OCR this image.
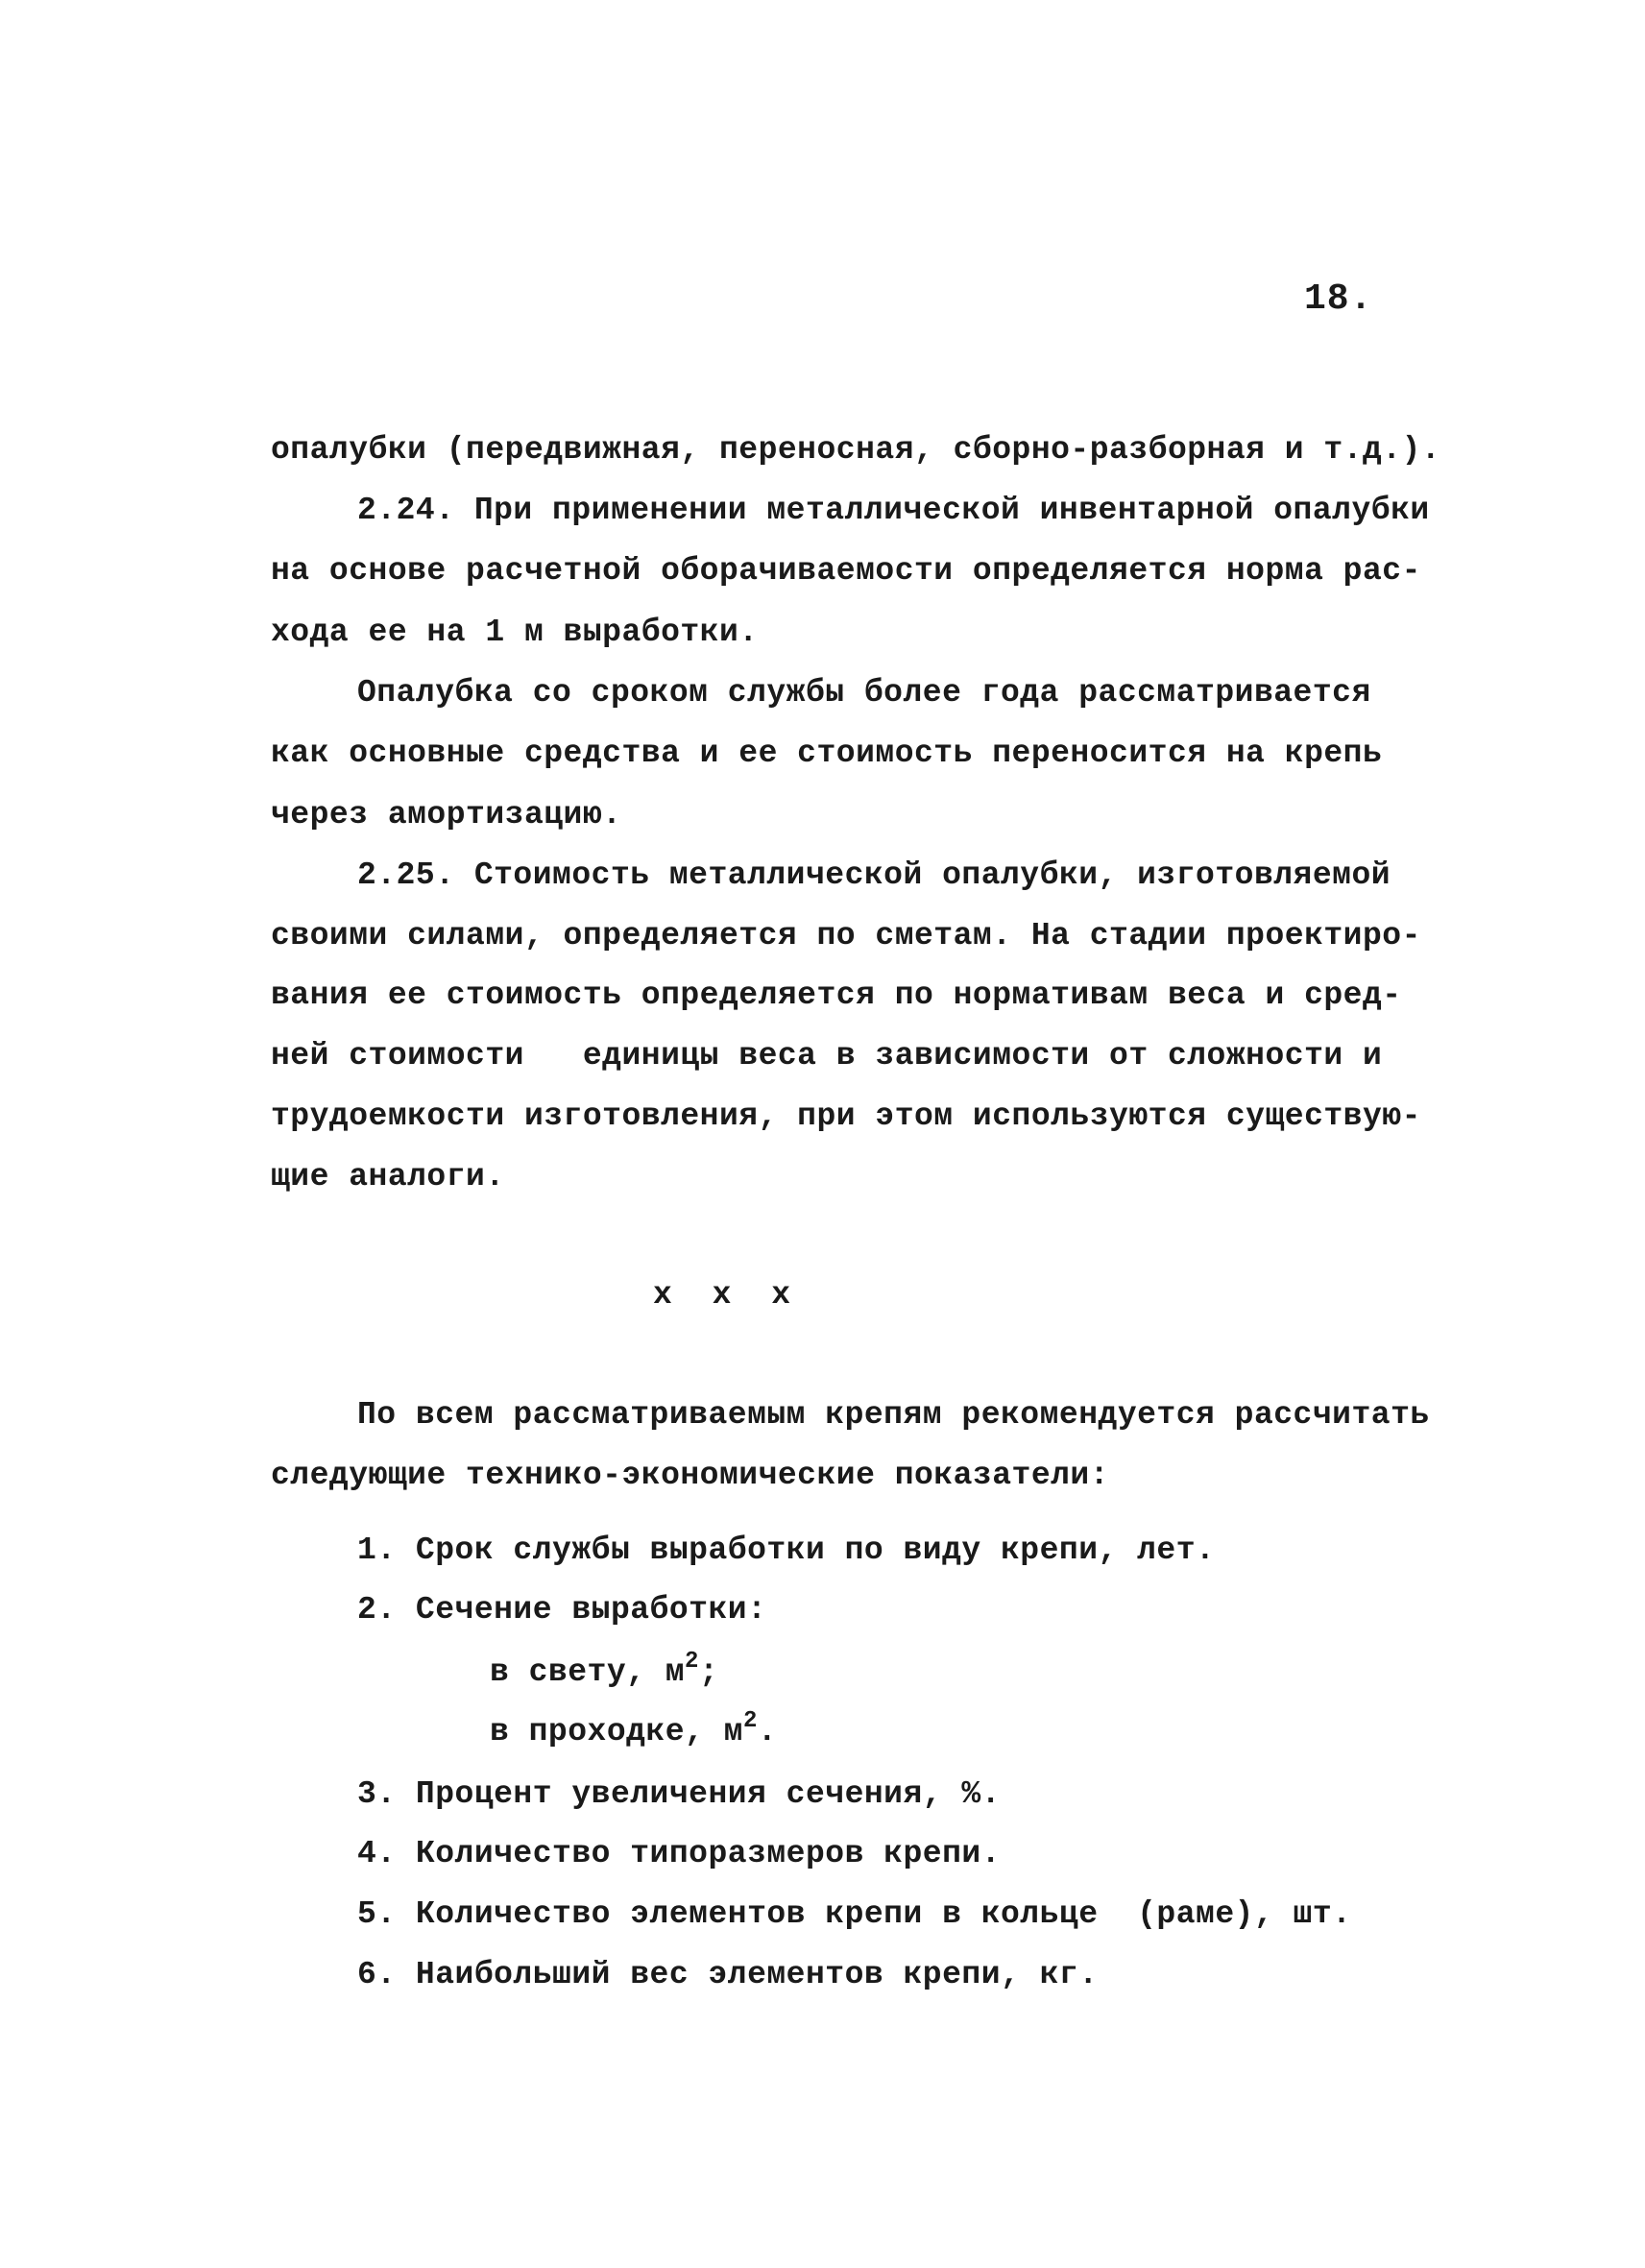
18.
опалубки (передвижная, переносная, сборно-разборная и т.д.).
2.24. При применении металлической инвентарной опалубки
на основе расчетной оборачиваемости определяется норма рас-
хода ее на 1 м выработки.
Опалубка со сроком службы более года рассматривается
как основные средства и ее стоимость переносится на крепь
через амортизацию.
2.25. Стоимость металлической опалубки, изготовляемой
своими силами, определяется по сметам. На стадии проектиро-
вания ее стоимость определяется по нормативам веса и сред-
ней стоимости   единицы веса в зависимости от сложности и
трудоемкости изготовления, при этом используются существую-
щие аналоги.
x x x
По всем рассматриваемым крепям рекомендуется рассчитать
следующие технико-экономические показатели:
1. Срок службы выработки по виду крепи, лет.
2. Сечение выработки:
в свету, $м^2$;
в проходке, $м^2$.
3. Процент увеличения сечения, %.
4. Количество типоразмеров крепи.
5. Количество элементов крепи в кольце  (раме), шт.
6. Наибольший вес элементов крепи, кг.
